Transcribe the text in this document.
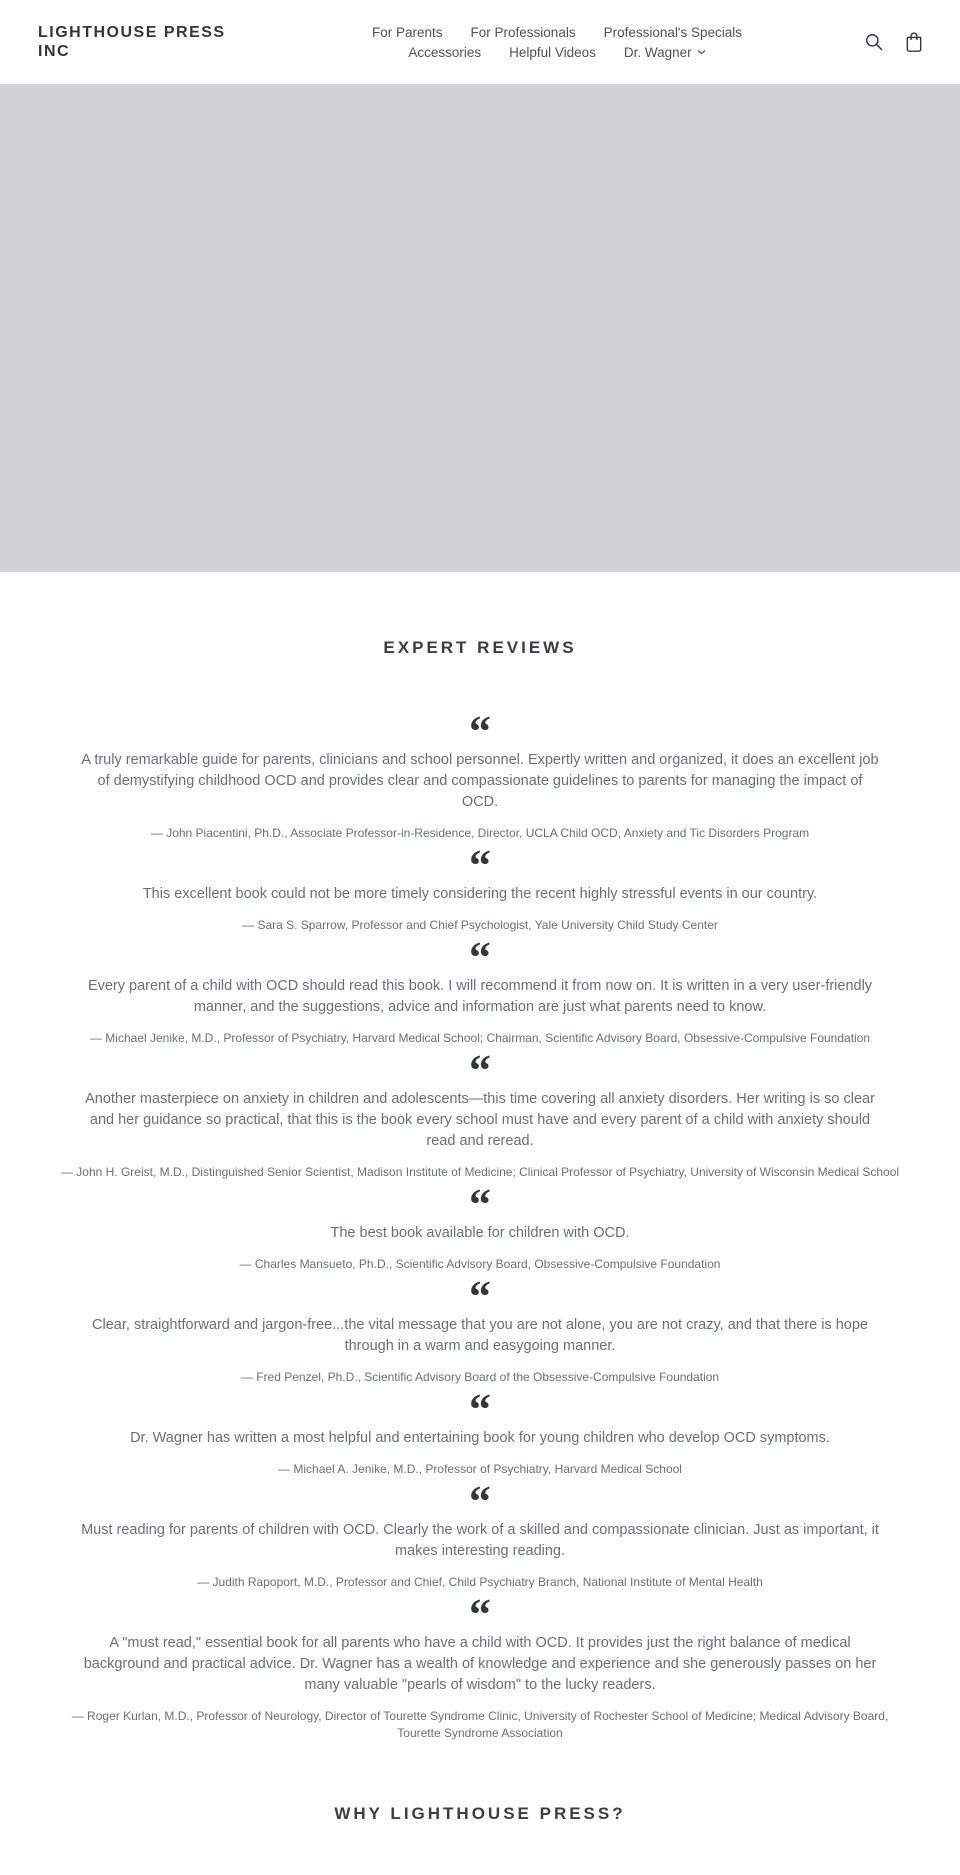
LIGHTHOUSE PRESS INC
For Parents For Professionals Professional's Specials
Accessories Helpful Videos Dr. Wagner
EXPERT REVIEWS
“

A truly remarkable guide for parents, clinicians and school personnel. Expertly written and organized, it does an excellent job of demystifying childhood OCD and provides clear and compassionate guidelines to parents for managing the impact of OCD.

— John Piacentini, Ph.D., Associate Professor-in-Residence, Director, UCLA Child OCD, Anxiety and Tic Disorders Program

“

This excellent book could not be more timely considering the recent highly stressful events in our country.

— Sara S. Sparrow, Professor and Chief Psychologist, Yale University Child Study Center

“

Every parent of a child with OCD should read this book. I will recommend it from now on. It is written in a very user-friendly manner, and the suggestions, advice and information are just what parents need to know.

— Michael Jenike, M.D., Professor of Psychiatry, Harvard Medical School; Chairman, Scientific Advisory Board, Obsessive-Compulsive Foundation

“

Another masterpiece on anxiety in children and adolescents—this time covering all anxiety disorders. Her writing is so clear and her guidance so practical, that this is the book every school must have and every parent of a child with anxiety should read and reread.

— John H. Greist, M.D., Distinguished Senior Scientist, Madison Institute of Medicine; Clinical Professor of Psychiatry, University of Wisconsin Medical School

“

The best book available for children with OCD.

— Charles Mansueto, Ph.D., Scientific Advisory Board, Obsessive-Compulsive Foundation

“

Clear, straightforward and jargon-free...the vital message that you are not alone, you are not crazy, and that there is hope through in a warm and easygoing manner.

— Fred Penzel, Ph.D., Scientific Advisory Board of the Obsessive-Compulsive Foundation

“

Dr. Wagner has written a most helpful and entertaining book for young children who develop OCD symptoms.

— Michael A. Jenike, M.D., Professor of Psychiatry, Harvard Medical School

“

Must reading for parents of children with OCD. Clearly the work of a skilled and compassionate clinician. Just as important, it makes interesting reading.

— Judith Rapoport, M.D., Professor and Chief, Child Psychiatry Branch, National Institute of Mental Health

“

A "must read," essential book for all parents who have a child with OCD. It provides just the right balance of medical background and practical advice. Dr. Wagner has a wealth of knowledge and experience and she generously passes on her many valuable "pearls of wisdom" to the lucky readers.

— Roger Kurlan, M.D., Professor of Neurology, Director of Tourette Syndrome Clinic, University of Rochester School of Medicine; Medical Advisory Board, Tourette Syndrome Association

WHY LIGHTHOUSE PRESS?
